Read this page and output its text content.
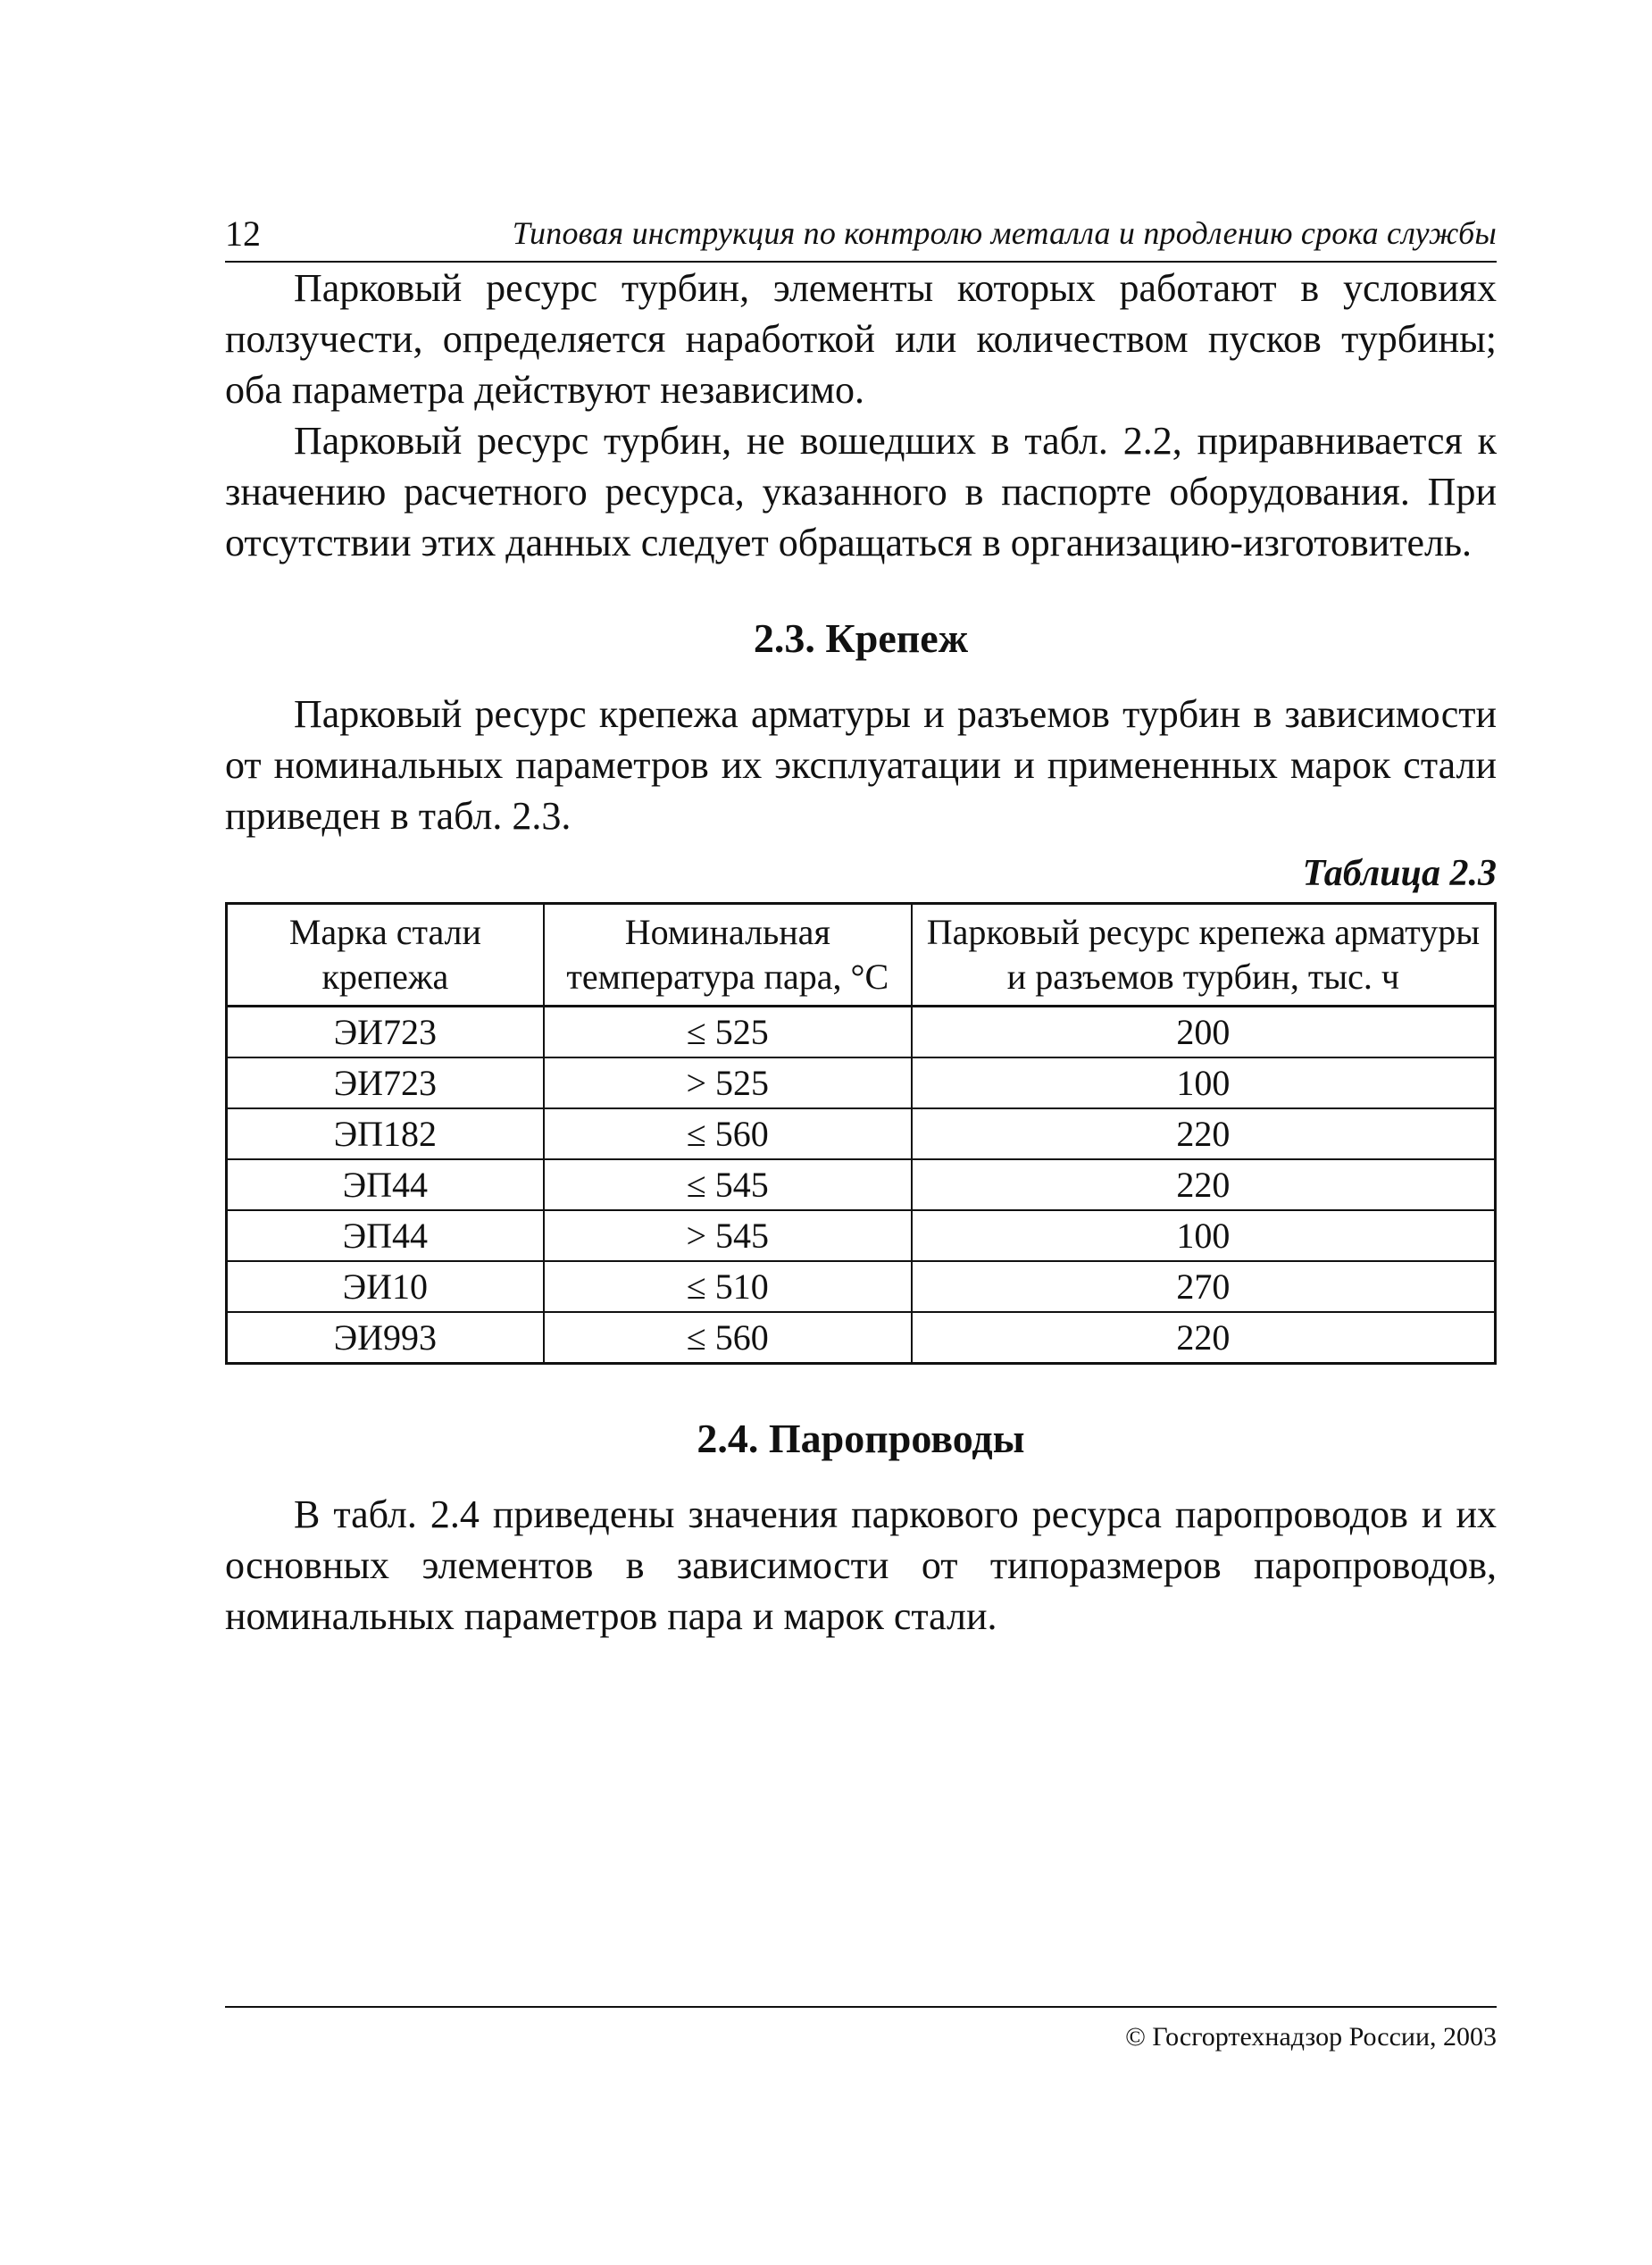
12	Типовая инструкция по контролю металла и продлению срока службы

Парковый ресурс турбин, элементы которых работают в условиях ползучести, определяется наработкой или количеством пусков турбины; оба параметра действуют независимо.

Парковый ресурс турбин, не вошедших в табл. 2.2, приравнивается к значению расчетного ресурса, указанного в паспорте оборудования. При отсутствии этих данных следует обращаться в организацию-изготовитель.

2.3. Крепеж

Парковый ресурс крепежа арматуры и разъемов турбин в зависимости от номинальных параметров их эксплуатации и примененных марок стали приведен в табл. 2.3.

Таблица 2.3
Марка стали крепежа	Номинальная температура пара, °C	Парковый ресурс крепежа арматуры и разъемов турбин, тыс. ч
ЭИ723	≤ 525	200
ЭИ723	> 525	100
ЭП182	≤ 560	220
ЭП44	≤ 545	220
ЭП44	> 545	100
ЭИ10	≤ 510	270
ЭИ993	≤ 560	220
2.4. Паропроводы

В табл. 2.4 приведены значения паркового ресурса паропроводов и их основных элементов в зависимости от типоразмеров паропроводов, номинальных параметров пара и марок стали.

© Госгортехнадзор России, 2003
